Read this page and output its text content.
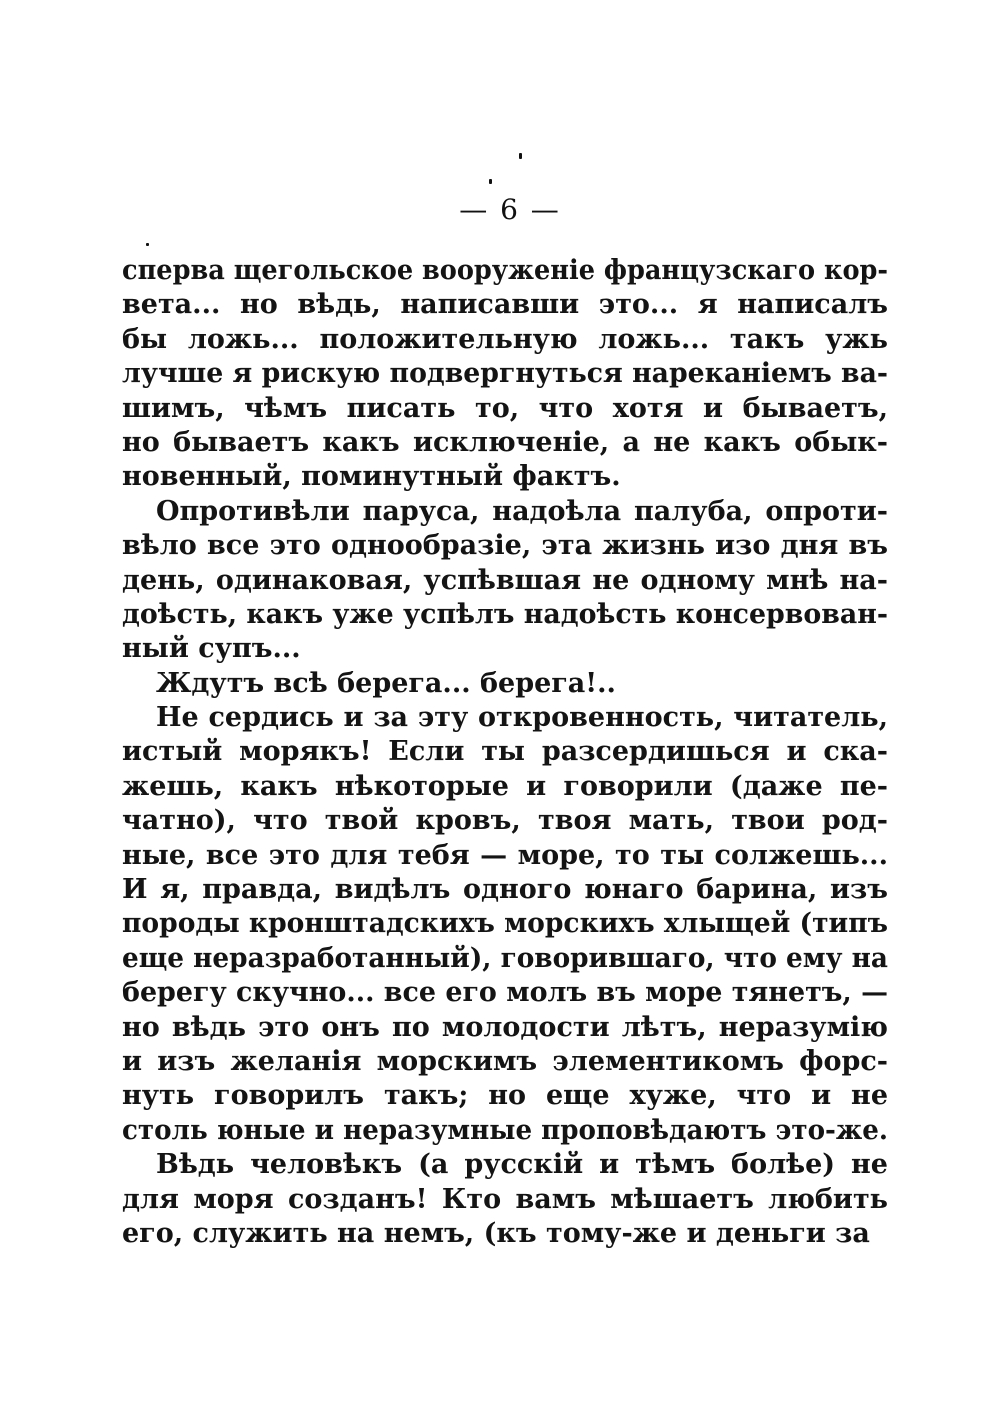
— 6 —
сперва щегольское вооруженіе французскаго кор-
вета... но вѣдь, написавши это... я написалъ
бы ложь... положительную ложь... такъ ужь
лучше я рискую подвергнуться нареканіемъ ва-
шимъ, чѣмъ писать то, что хотя и бываетъ,
но бываетъ какъ исключеніе, а не какъ обык-
новенный, поминутный фактъ.
Опротивѣли паруса, надоѣла палуба, опроти-
вѣло все это однообразіе, эта жизнь изо дня въ
день, одинаковая, успѣвшая не одному мнѣ на-
доѣсть, какъ уже успѣлъ надоѣсть консервован-
ный супъ...
Ждутъ всѣ берега... берега!..
Не сердись и за эту откровенность, читатель,
истый морякъ! Если ты разсердишься и ска-
жешь, какъ нѣкоторые и говорили (даже пе-
чатно), что твой кровъ, твоя мать, твои род-
ные, все это для тебя — море, то ты солжешь...
И я, правда, видѣлъ одного юнаго барина, изъ
породы кронштадскихъ морскихъ хлыщей (типъ
еще неразработанный), говорившаго, что ему на
берегу скучно... все его молъ въ море тянетъ, —
но вѣдь это онъ по молодости лѣтъ, неразумію
и изъ желанія морскимъ элементикомъ форс-
нуть говорилъ такъ; но еще хуже, что и не
столь юные и неразумные проповѣдаютъ это-же.
Вѣдь человѣкъ (а русскій и тѣмъ болѣе) не
для моря созданъ! Кто вамъ мѣшаетъ любить
его, служить на немъ, (къ тому-же и деньги за
